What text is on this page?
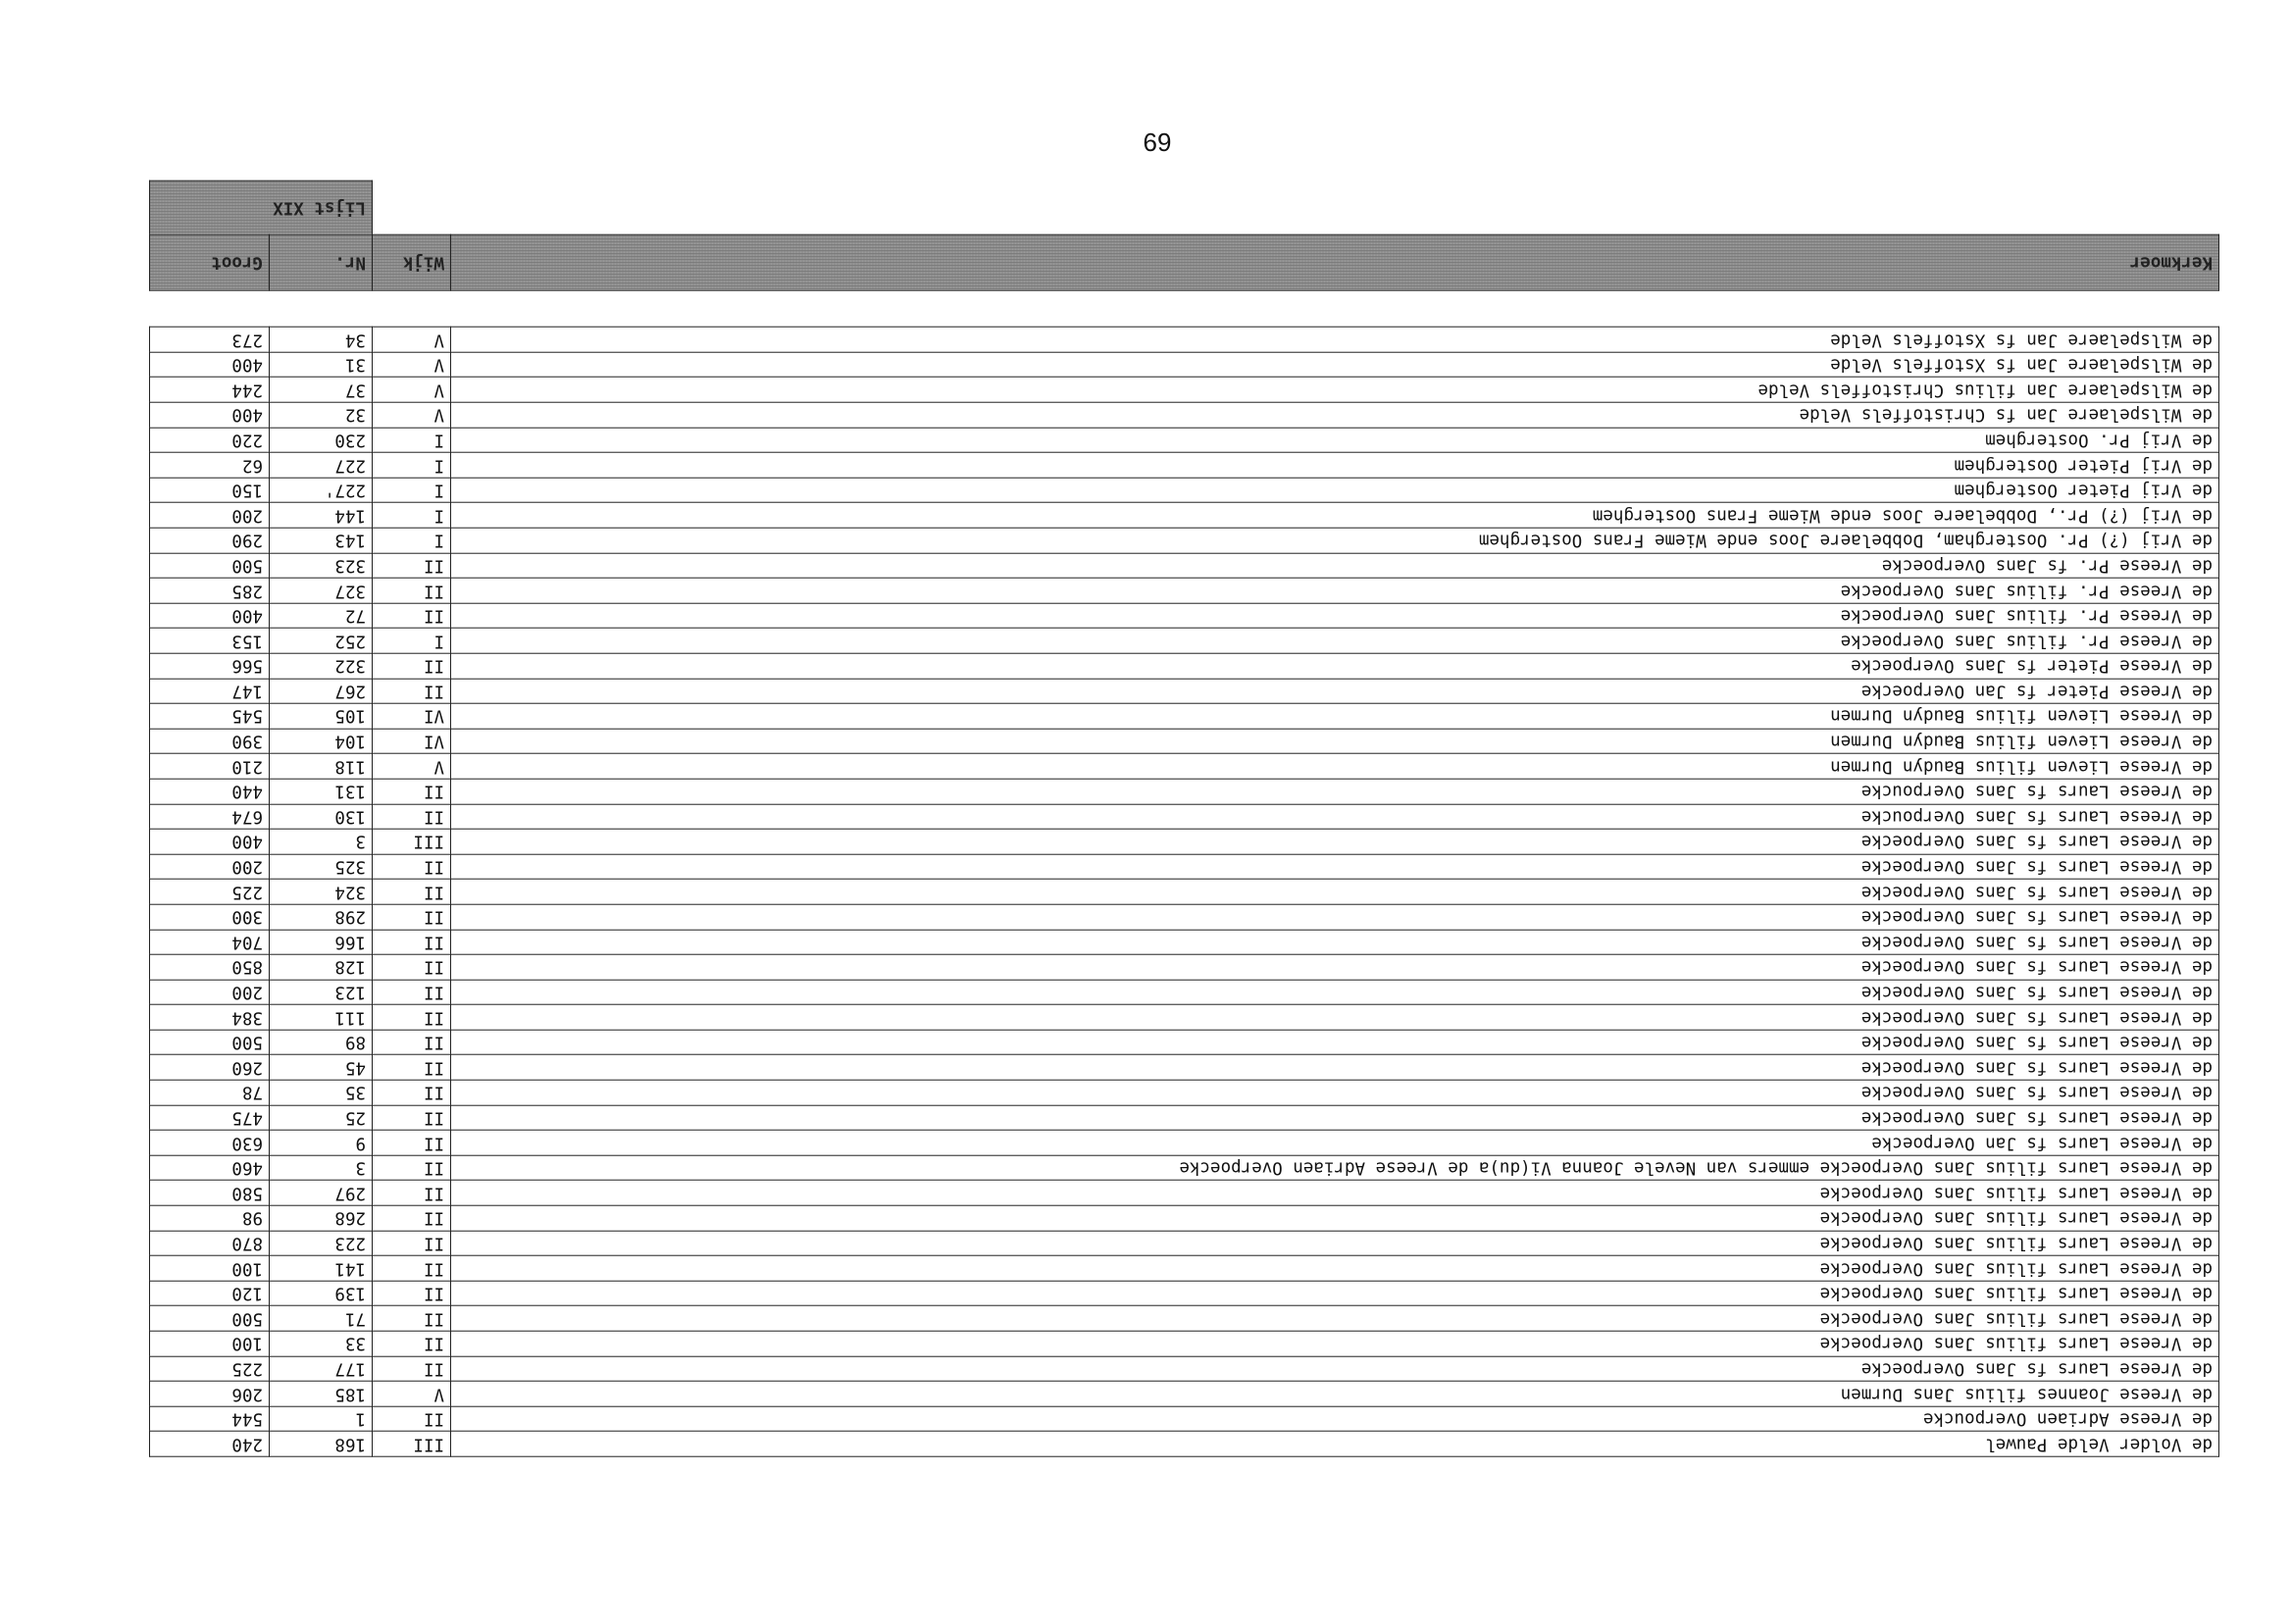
69
de Volder Velde Pauwel	III	168	240
de Vreese Adriaen Overpoucke	II	1	544
de Vreese Joannes filius Jans Durmen	V	185	206
de Vreese Laurs fs Jans Overpoecke	II	177	225
de Vreese Laurs filius Jans Overpoecke	II	33	100
de Vreese Laurs filius Jans Overpoecke	II	71	500
de Vreese Laurs filius Jans Overpoecke	II	139	120
de Vreese Laurs filius Jans Overpoecke	II	141	100
de Vreese Laurs filius Jans Overpoecke	II	223	870
de Vreese Laurs filius Jans Overpoecke	II	268	98
de Vreese Laurs filius Jans Overpoecke	II	297	580
de Vreese Laurs filius Jans Overpoecke emmers van Nevele Joanna Vi(du)a de Vreese Adriaen Overpoecke	II	3	460
de Vreese Laurs fs Jan Overpoecke	II	9	630
de Vreese Laurs fs Jans Overpoecke	II	25	475
de Vreese Laurs fs Jans Overpoecke	II	35	78
de Vreese Laurs fs Jans Overpoecke	II	45	260
de Vreese Laurs fs Jans Overpoecke	II	89	500
de Vreese Laurs fs Jans Overpoecke	II	111	384
de Vreese Laurs fs Jans Overpoecke	II	123	200
de Vreese Laurs fs Jans Overpoecke	II	128	850
de Vreese Laurs fs Jans Overpoecke	II	166	704
de Vreese Laurs fs Jans Overpoecke	II	298	300
de Vreese Laurs fs Jans Overpoecke	II	324	225
de Vreese Laurs fs Jans Overpoecke	II	325	200
de Vreese Laurs fs Jans Overpoecke	III	3	400
de Vreese Laurs fs Jans Overpoucke	II	130	674
de Vreese Laurs fs Jans Overpoucke	II	131	440
de Vreese Lieven filius Baudyn Durmen	V	118	210
de Vreese Lieven filius Baudyn Durmen	VI	104	390
de Vreese Lieven filius Baudyn Durmen	VI	105	545
de Vreese Pieter fs Jan Overpoecke	II	267	147
de Vreese Pieter fs Jans Overpoecke	II	322	566
de Vreese Pr. filius Jans Overpoecke	I	252	153
de Vreese Pr. filius Jans Overpoecke	II	72	400
de Vreese Pr. filius Jans Overpoecke	II	327	285
de Vreese Pr. fs Jans Overpoecke	II	323	500
de Vrij (?) Pr. Oostergham, Dobbelaere Joos ende Wieme Frans Oosterghem	I	143	290
de Vrij (?) Pr., Dobbelaere Joos ende Wieme Frans Oosterghem	I	144	200
de Vrij Pieter Oosterghem	I	227'	150
de Vrij Pieter Oosterghem	I	227	62
de Vrij Pr. Oosterghem	I	230	220
de Wilspelaere Jan fs Christoffels Velde	V	32	400
de Wilspelaere Jan filius Christoffels Velde	V	37	244
de Wilspelaere Jan fs Xstoffels Velde	V	31	400
de Wilspelaere Jan fs Xstoffels Velde	V	34	273

Kerkmoer	Wijk	Nr.	Groot
		Lijst XIX	
